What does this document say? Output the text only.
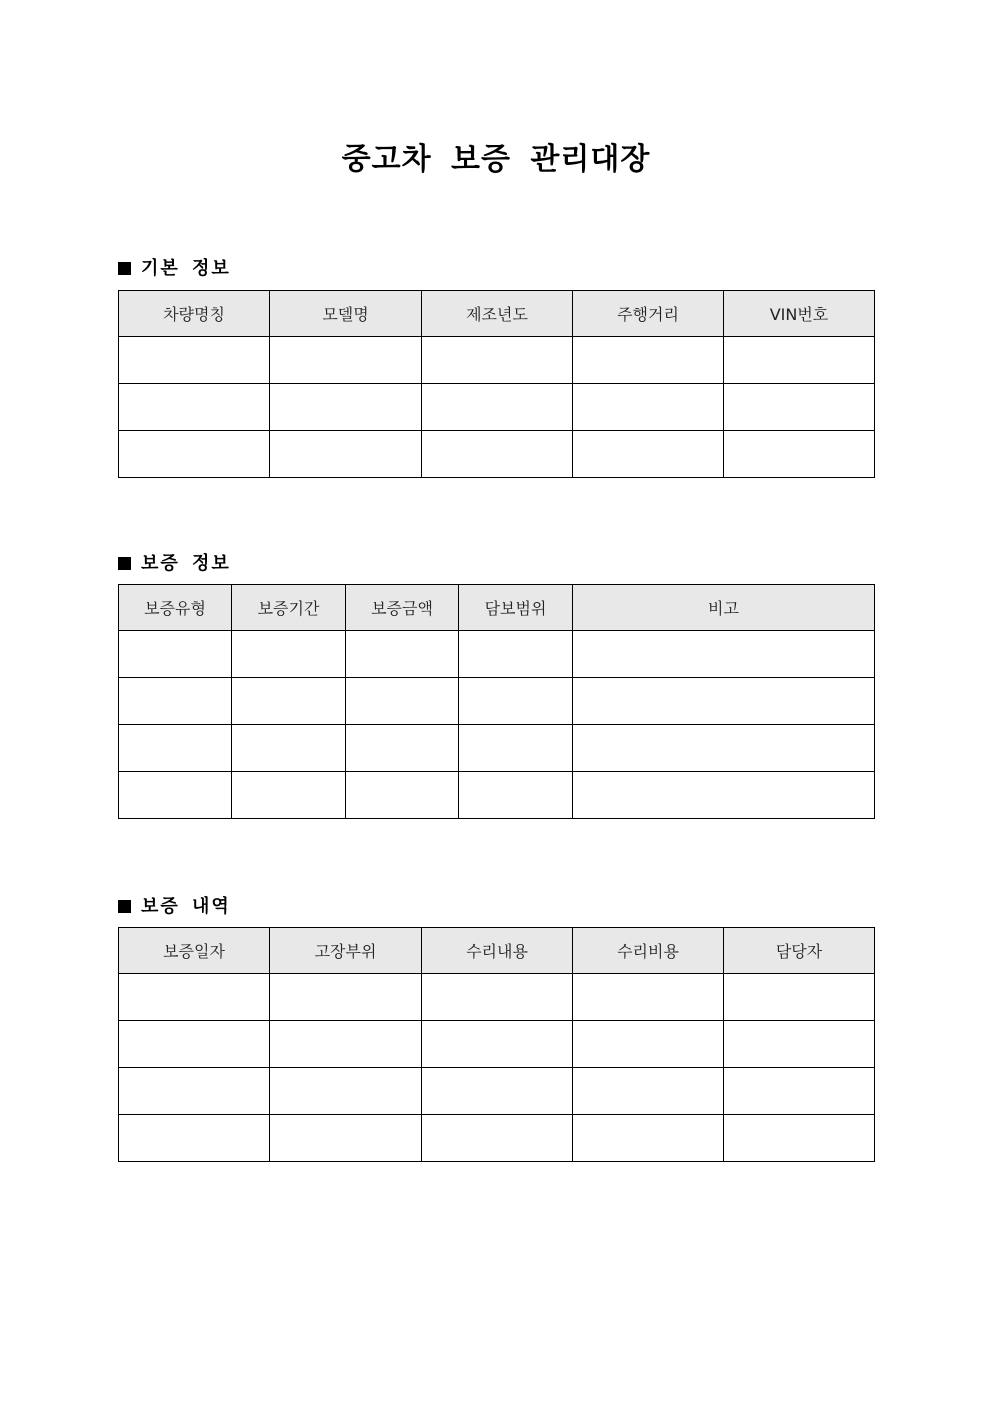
중고차 보증 관리대장
기본 정보
차량명칭	모델명	제조년도	주행거리	VIN번호

보증 정보
보증유형	보증기간	보증금액	담보범위	비고

보증 내역
보증일자	고장부위	수리내용	수리비용	담당자
